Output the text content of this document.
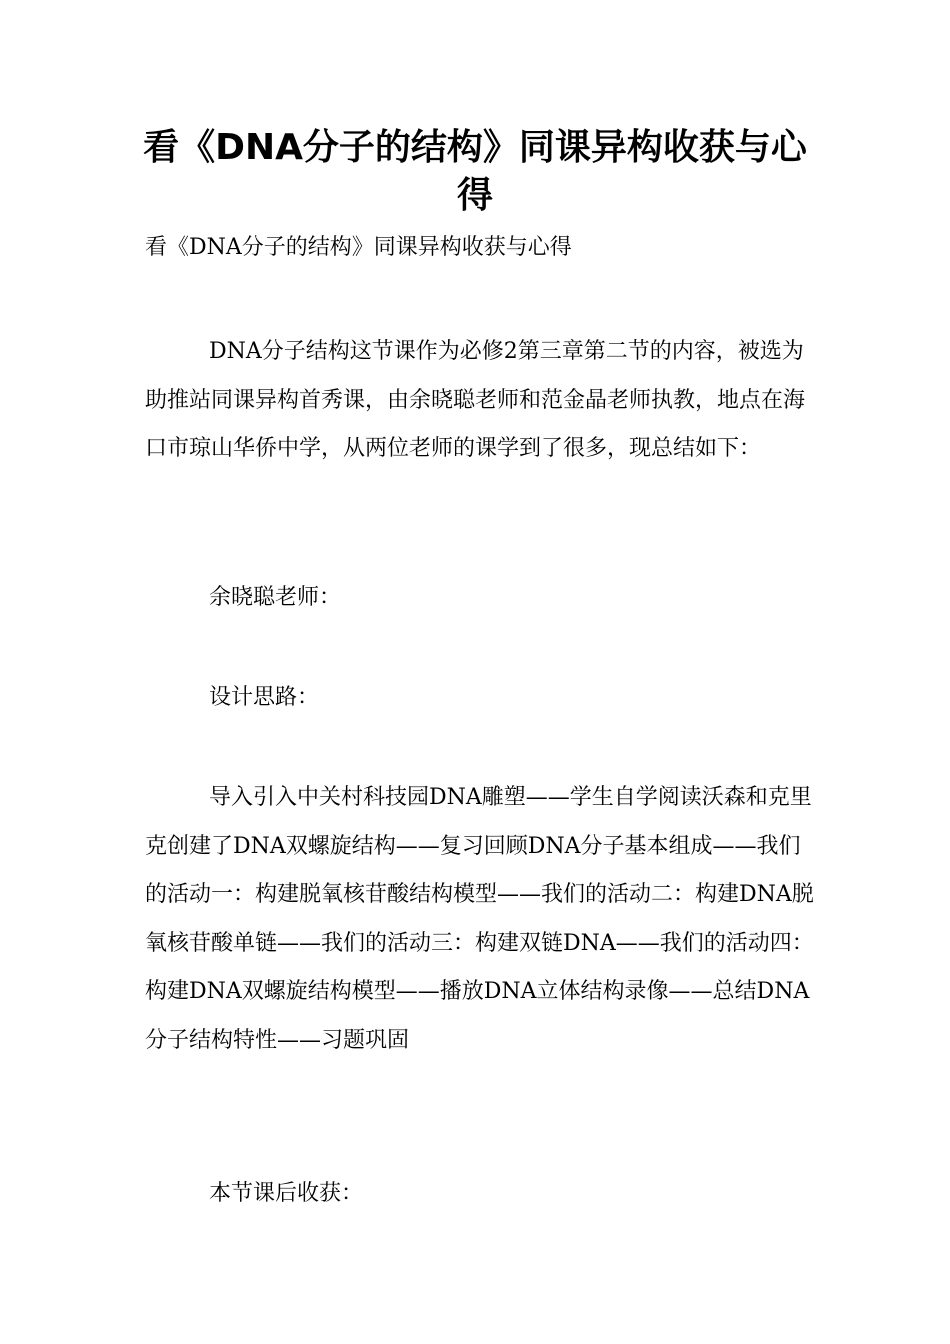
看《DNA分子的结构》同课异构收获与心得

看《DNA分子的结构》同课异构收获与心得

DNA分子结构这节课作为必修2第三章第二节的内容，被选为助推站同课异构首秀课，由余晓聪老师和范金晶老师执教，地点在海口市琼山华侨中学，从两位老师的课学到了很多，现总结如下：

余晓聪老师：

设计思路：

导入引入中关村科技园DNA雕塑——学生自学阅读沃森和克里克创建了DNA双螺旋结构——复习回顾DNA分子基本组成——我们的活动一：构建脱氧核苷酸结构模型——我们的活动二：构建DNA脱氧核苷酸单链——我们的活动三：构建双链DNA——我们的活动四：构建DNA双螺旋结构模型——播放DNA立体结构录像——总结DNA分子结构特性——习题巩固

本节课后收获：
